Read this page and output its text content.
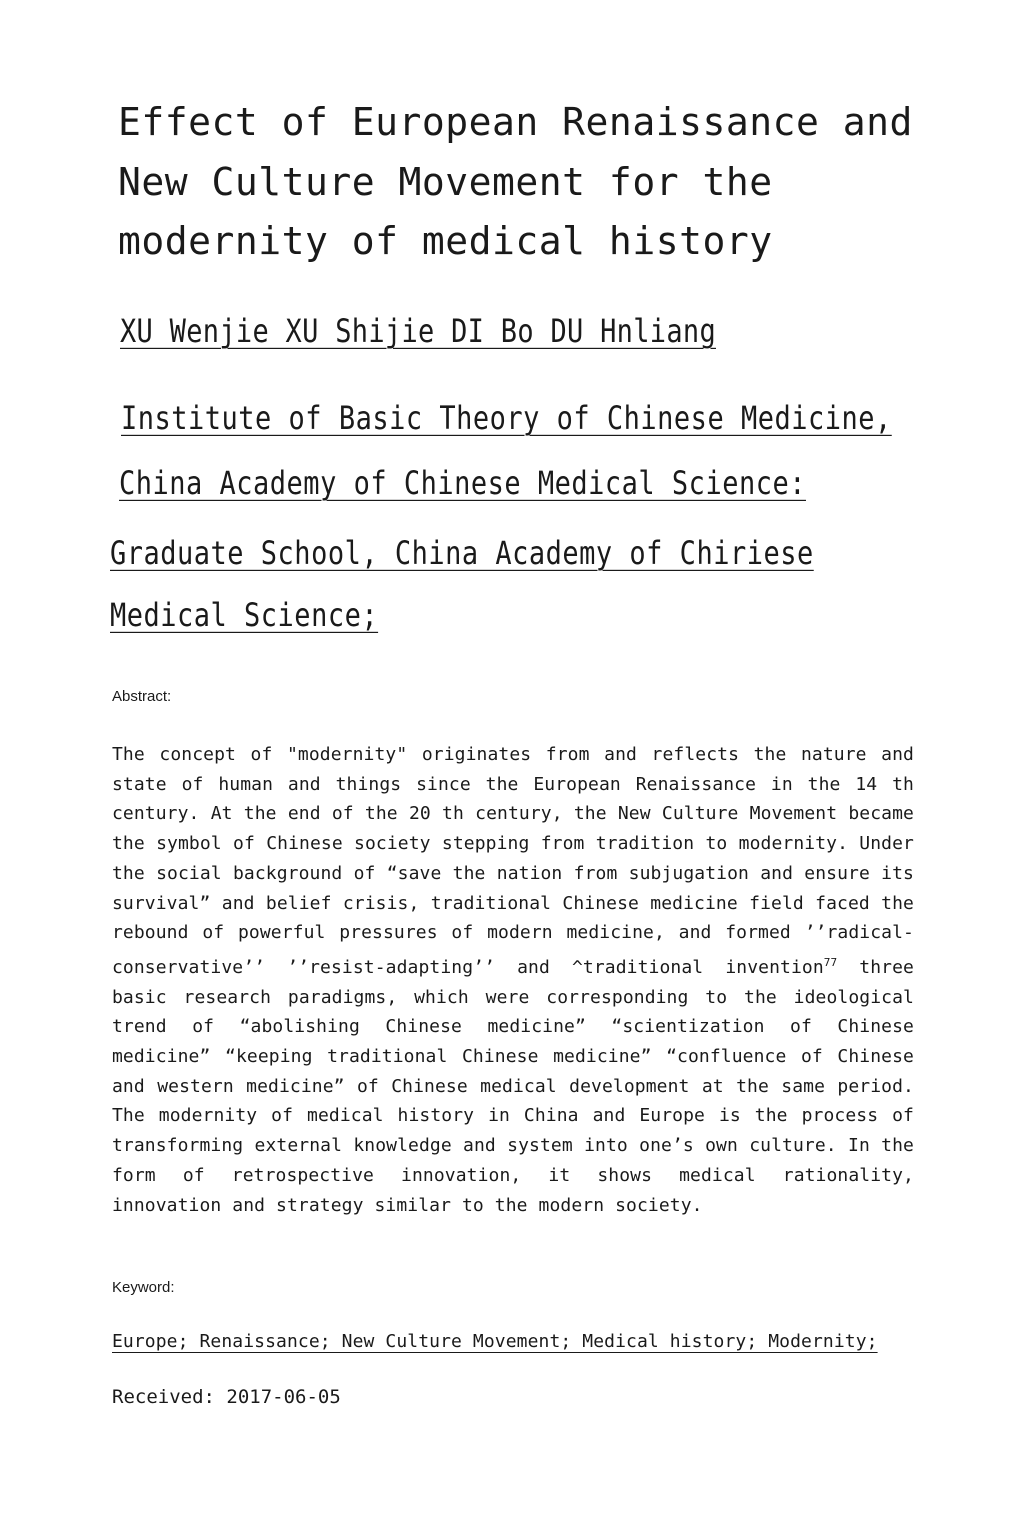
Effect of European Renaissance and
New Culture Movement for the
modernity of medical history
XU Wenjie XU Shijie DI Bo DU Hnliang
Institute of Basic Theory of Chinese Medicine,
China Academy of Chinese Medical Science:
Graduate School, China Academy of Chiriese
Medical Science;
Abstract:
The concept of "modernity" originates from and reflects the nature and state of human and things since the European Renaissance in the 14 th century. At the end of the 20 th century, the New Culture Movement became the symbol of Chinese society stepping from tradition to modernity. Under the social background of “save the nation from subjugation and ensure its survival” and belief crisis, traditional Chinese medicine field faced the rebound of powerful pressures of modern medicine, and formed ’’radical-conservative’’ ’’resist-adapting’’ and ^traditional invention$^{77}$ three basic research paradigms, which were corresponding to the ideological trend of “abolishing Chinese medicine” “scientization of Chinese medicine” “keeping traditional Chinese medicine” “confluence of Chinese and western medicine” of Chinese medical development at the same period. The modernity of medical history in China and Europe is the process of transforming external knowledge and system into one’s own culture. In the form of retrospective innovation, it shows medical rationality, innovation and strategy similar to the modern society.
Keyword:
Europe; Renaissance; New Culture Movement; Medical history; Modernity;
Received: 2017-06-05
